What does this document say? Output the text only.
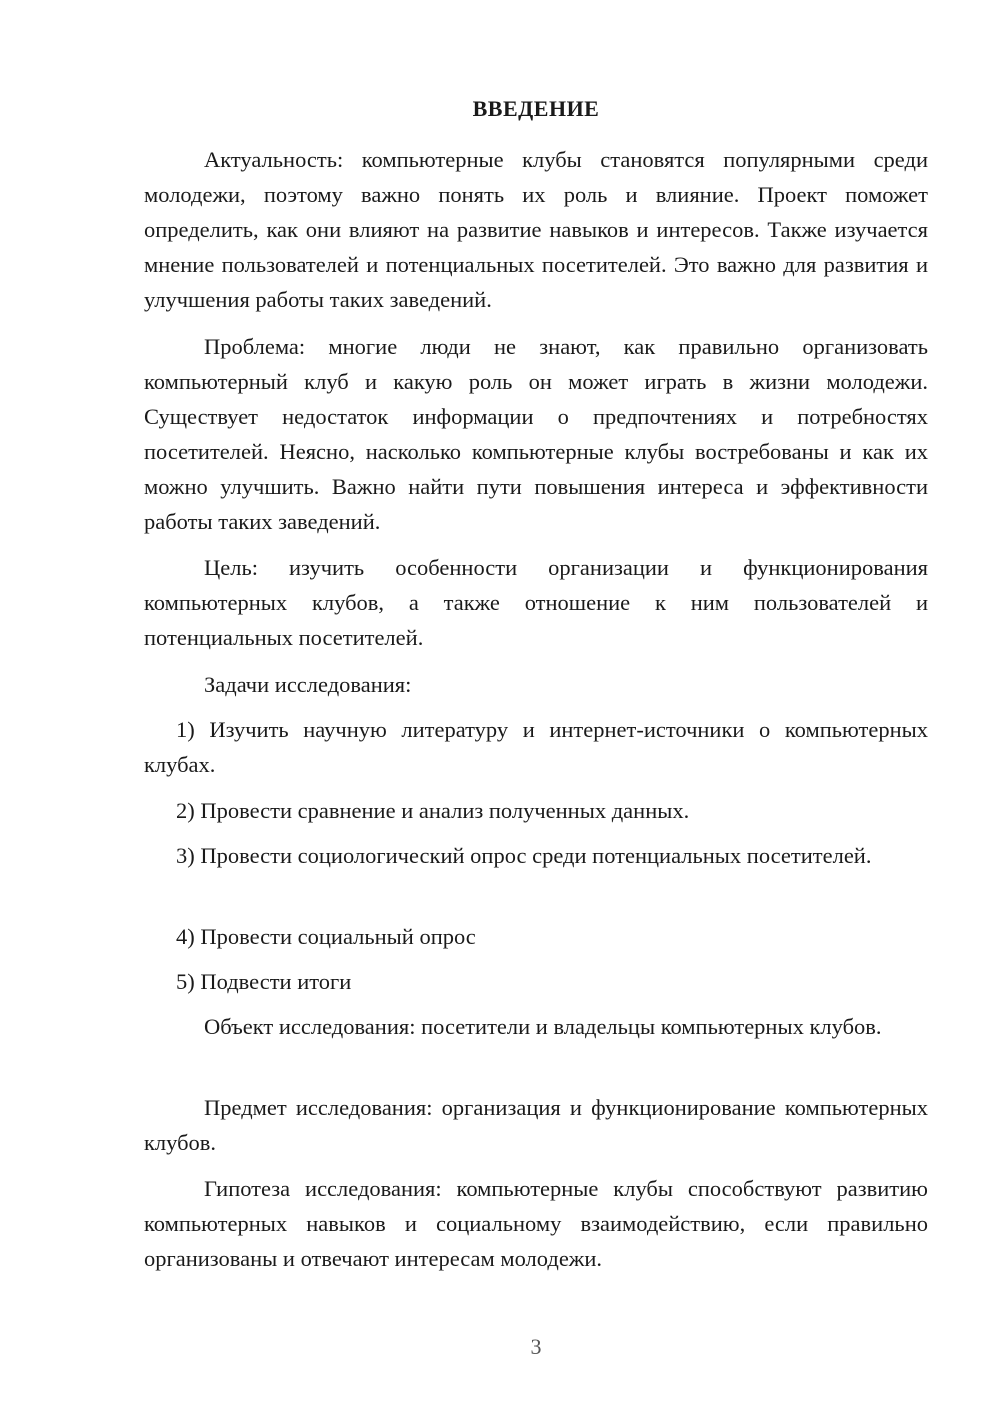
ВВЕДЕНИЕ

Актуальность: компьютерные клубы становятся популярными среди молодежи, поэтому важно понять их роль и влияние. Проект поможет определить, как они влияют на развитие навыков и интересов. Также изучается мнение пользователей и потенциальных посетителей. Это важно для развития и улучшения работы таких заведений.

Проблема: многие люди не знают, как правильно организовать компьютерный клуб и какую роль он может играть в жизни молодежи. Существует недостаток информации о предпочтениях и потребностях посетителей. Неясно, насколько компьютерные клубы востребованы и как их можно улучшить. Важно найти пути повышения интереса и эффективности работы таких заведений.

Цель: изучить особенности организации и функционирования компьютерных клубов, а также отношение к ним пользователей и потенциальных посетителей.

Задачи исследования:

1) Изучить научную литературу и интернет-источники о компьютерных клубах.

2) Провести сравнение и анализ полученных данных.

3) Провести социологический опрос среди потенциальных посетителей.

4) Провести социальный опрос

5) Подвести итоги

Объект исследования: посетители и владельцы компьютерных клубов.

Предмет исследования: организация и функционирование компьютерных клубов.

Гипотеза исследования: компьютерные клубы способствуют развитию компьютерных навыков и социальному взаимодействию, если правильно организованы и отвечают интересам молодежи.

3
